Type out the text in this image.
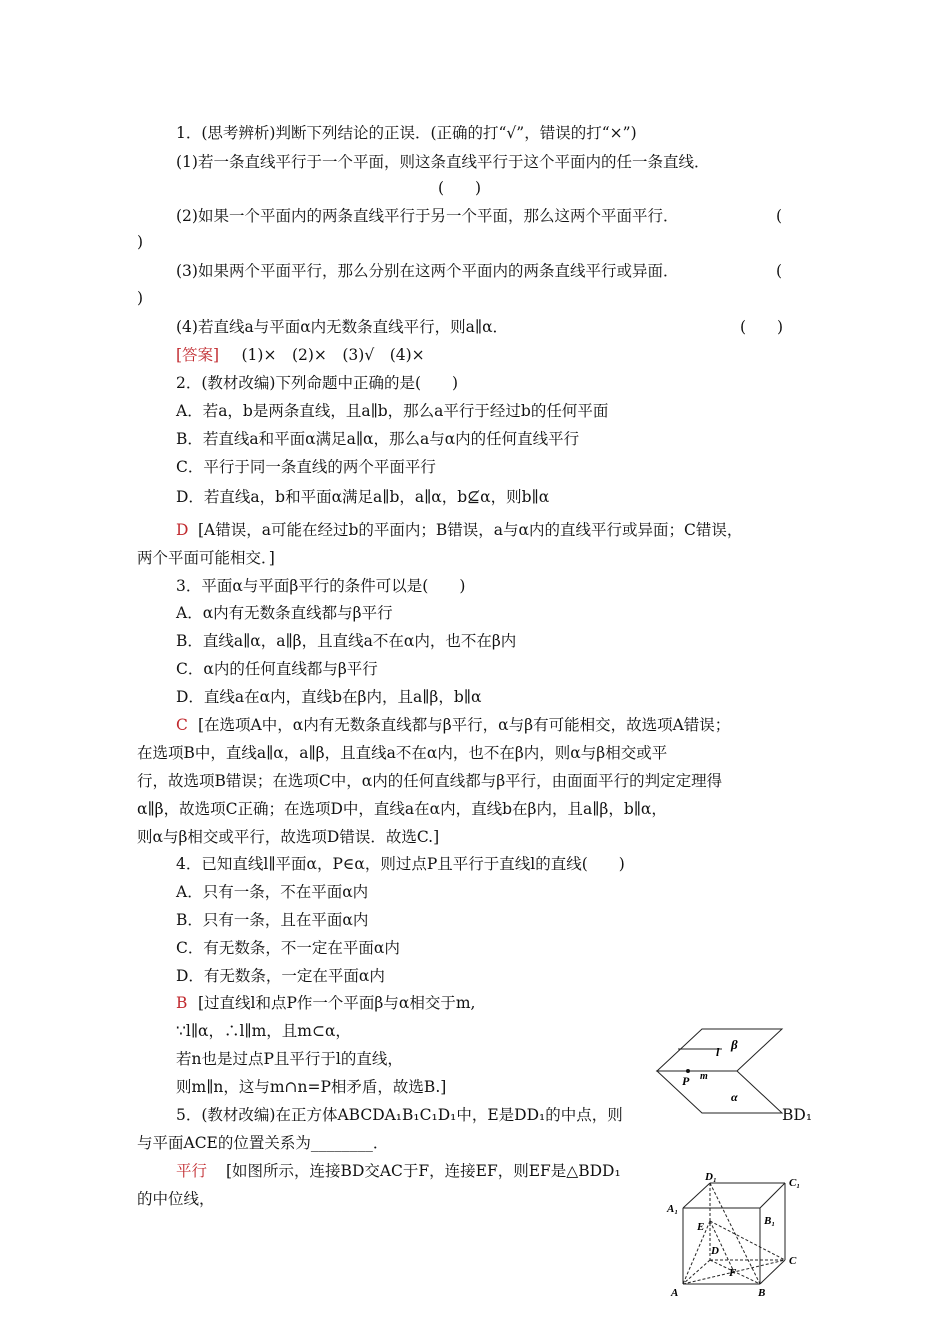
1．(思考辨析)判断下列结论的正误．(正确的打“√”，错误的打“×”)
(1)若一条直线平行于一个平面，则这条直线平行于这个平面内的任一条直线．
(　　)
(2)如果一个平面内的两条直线平行于另一个平面，那么这两个平面平行．	(
)
(3)如果两个平面平行，那么分别在这两个平面内的两条直线平行或异面．	(
)
(4)若直线a与平面α内无数条直线平行，则a∥α．	(　　)
[答案] 　(1)×　(2)×　(3)√　(4)×
2．(教材改编)下列命题中正确的是(　　)
A．若a，b是两条直线，且a∥b，那么a平行于经过b的任何平面
B．若直线a和平面α满足a∥α，那么a与α内的任何直线平行
C．平行于同一条直线的两个平面平行
D．若直线a，b和平面α满足a∥b，a∥α，b⊈α，则b∥α
D [A错误，a可能在经过b的平面内；B错误，a与α内的直线平行或异面；C错误，
两个平面可能相交．]
3．平面α与平面β平行的条件可以是(　　)
A．α内有无数条直线都与β平行
B．直线a∥α，a∥β，且直线a不在α内，也不在β内
C．α内的任何直线都与β平行
D．直线a在α内，直线b在β内，且a∥β，b∥α
C [在选项A中，α内有无数条直线都与β平行，α与β有可能相交，故选项A错误；
在选项B中，直线a∥α，a∥β，且直线a不在α内，也不在β内，则α与β相交或平
行，故选项B错误；在选项C中，α内的任何直线都与β平行，由面面平行的判定定理得
α∥β，故选项C正确；在选项D中，直线a在α内，直线b在β内，且a∥β，b∥α，
则α与β相交或平行，故选项D错误．故选C.]
4．已知直线l∥平面α，P∈α，则过点P且平行于直线l的直线(　　)
A．只有一条，不在平面α内
B．只有一条，且在平面α内
C．有无数条，不一定在平面α内
D．有无数条，一定在平面α内
B [过直线l和点P作一个平面β与α相交于m,
∵l∥α，∴l∥m，且m⊂α，
若n也是过点P且平行于l的直线，
则m∥n，这与m∩n=P相矛盾，故选B.]
5．(教材改编)在正方体ABCDA₁B₁C₁D₁中，E是DD₁的中点，则	BD₁
与平面ACE的位置关系为________．
平行 [如图所示，连接BD交AC于F，连接EF，则EF是△BDD₁
的中位线，
β
l
P m
α
D₁	C₁
A₁
B₁
E
D
C
F
A	B
